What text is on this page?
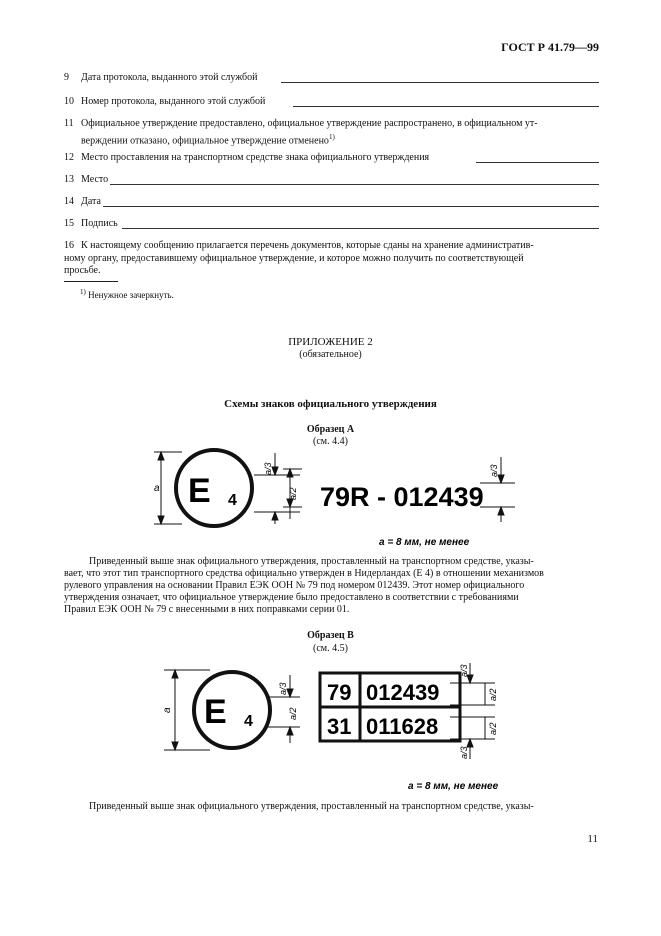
ГОСТ Р 41.79—99
9 Дата протокола, выданного этой службой
10 Номер протокола, выданного этой службой
11 Официальное утверждение предоставлено, официальное утверждение распространено, в официальном ут-
верждении отказано, официальное утверждение отменено$^{1)}$
12 Место проставления на транспортном средстве знака официального утверждения
13 Место
14 Дата
15 Подпись
16 К настоящему сообщению прилагается перечень документов, которые сданы на хранение административ-
ному органу, предоставившему официальное утверждение, и которое можно получить по соответствующей
просьбе.
$^{1)}$ Ненужное зачеркнуть.
ПРИЛОЖЕНИЕ 2
(обязательное)
Схемы знаков официального утверждения
Образец А
(см. 4.4)
a E 4
a/3
a/2 79R - 012439
a/3
a = 8 мм, не менее
Приведенный выше знак официального утверждения, проставленный на транспортном средстве, указы-
вает, что этот тип транспортного средства официально утвержден в Нидерландах (E 4) в отношении механизмов
рулевого управления на основании Правил ЕЭК ООН № 79 под номером 012439. Этот номер официального
утверждения означает, что официальное утверждение было предоставлено в соответствии с требованиями
Правил ЕЭК ООН № 79 с внесенными в них поправками серии 01.
Образец В
(см. 4.5)
a E 4
a/3
a/2
79 012439
31 011628
a/3
a/2
a/2
a/3
a = 8 мм, не менее
Приведенный выше знак официального утверждения, проставленный на транспортном средстве, указы-
11
